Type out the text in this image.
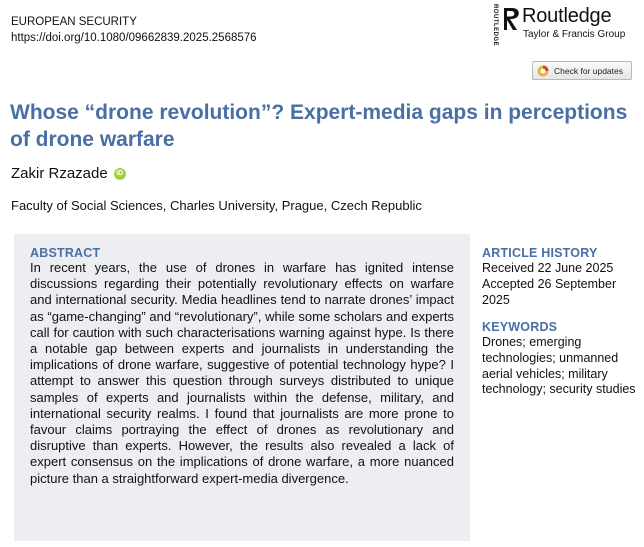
EUROPEAN SECURITY
https://doi.org/10.1080/09662839.2025.2568576	ROUTLEDGE Routledge
Taylor & Francis Group
Check for updates
Whose “drone revolution”? Expert-media gaps in perceptions of drone warfare
Zakir Rzazade	iD
Faculty of Social Sciences, Charles University, Prague, Czech Republic
ABSTRACT

In recent years, the use of drones in warfare has ignited intense discussions regarding their potentially revolutionary effects on warfare and international security. Media headlines tend to narrate drones’ impact as “game-changing” and “revolutionary”, while some scholars and experts call for caution with such characterisations warning against hype. Is there a notable gap between experts and journalists in understanding the implications of drone warfare, suggestive of potential technology hype? I attempt to answer this question through surveys distributed to unique samples of experts and journalists within the defense, military, and international security realms. I found that journalists are more prone to favour claims portraying the effect of drones as revolutionary and disruptive than experts. However, the results also revealed a lack of expert consensus on the implications of drone warfare, a more nuanced picture than a straightforward expert-media divergence.

ARTICLE HISTORY
Received 22 June 2025
Accepted 26 September 2025
KEYWORDS
Drones; emerging technologies; unmanned aerial vehicles; military technology; security studies
